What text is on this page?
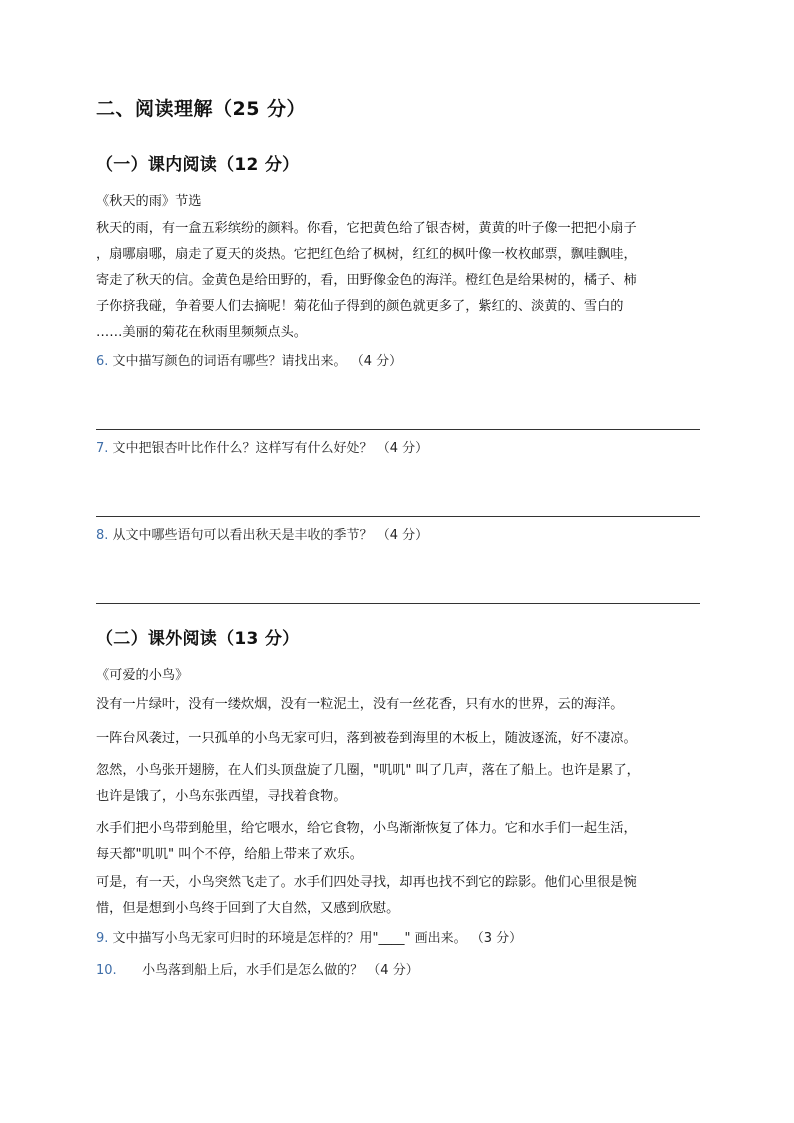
二、阅读理解（25 分）
（一）课内阅读（12 分）
《秋天的雨》节选
秋天的雨，有一盒五彩缤纷的颜料。你看，它把黄色给了银杏树，黄黄的叶子像一把把小扇子
，扇哪扇哪，扇走了夏天的炎热。它把红色给了枫树，红红的枫叶像一枚枚邮票，飘哇飘哇，
寄走了秋天的信。金黄色是给田野的，看，田野像金色的海洋。橙红色是给果树的，橘子、柿
子你挤我碰，争着要人们去摘呢！菊花仙子得到的颜色就更多了，紫红的、淡黄的、雪白的
……美丽的菊花在秋雨里频频点头。
6. 文中描写颜色的词语有哪些？请找出来。 （4 分）
7. 文中把银杏叶比作什么？这样写有什么好处？ （4 分）
8. 从文中哪些语句可以看出秋天是丰收的季节？ （4 分）
（二）课外阅读（13 分）
《可爱的小鸟》
没有一片绿叶，没有一缕炊烟，没有一粒泥土，没有一丝花香，只有水的世界，云的海洋。
一阵台风袭过，一只孤单的小鸟无家可归，落到被卷到海里的木板上，随波逐流，好不凄凉。
忽然，小鸟张开翅膀，在人们头顶盘旋了几圈，"叽叽" 叫了几声，落在了船上。也许是累了，
也许是饿了，小鸟东张西望，寻找着食物。
水手们把小鸟带到舱里，给它喂水，给它食物，小鸟渐渐恢复了体力。它和水手们一起生活，
每天都"叽叽" 叫个不停，给船上带来了欢乐。
可是，有一天，小鸟突然飞走了。水手们四处寻找，却再也找不到它的踪影。他们心里很是惋
惜，但是想到小鸟终于回到了大自然，又感到欣慰。
9. 文中描写小鸟无家可归时的环境是怎样的？用"____" 画出来。 （3 分）
10. 小鸟落到船上后，水手们是怎么做的？ （4 分）
